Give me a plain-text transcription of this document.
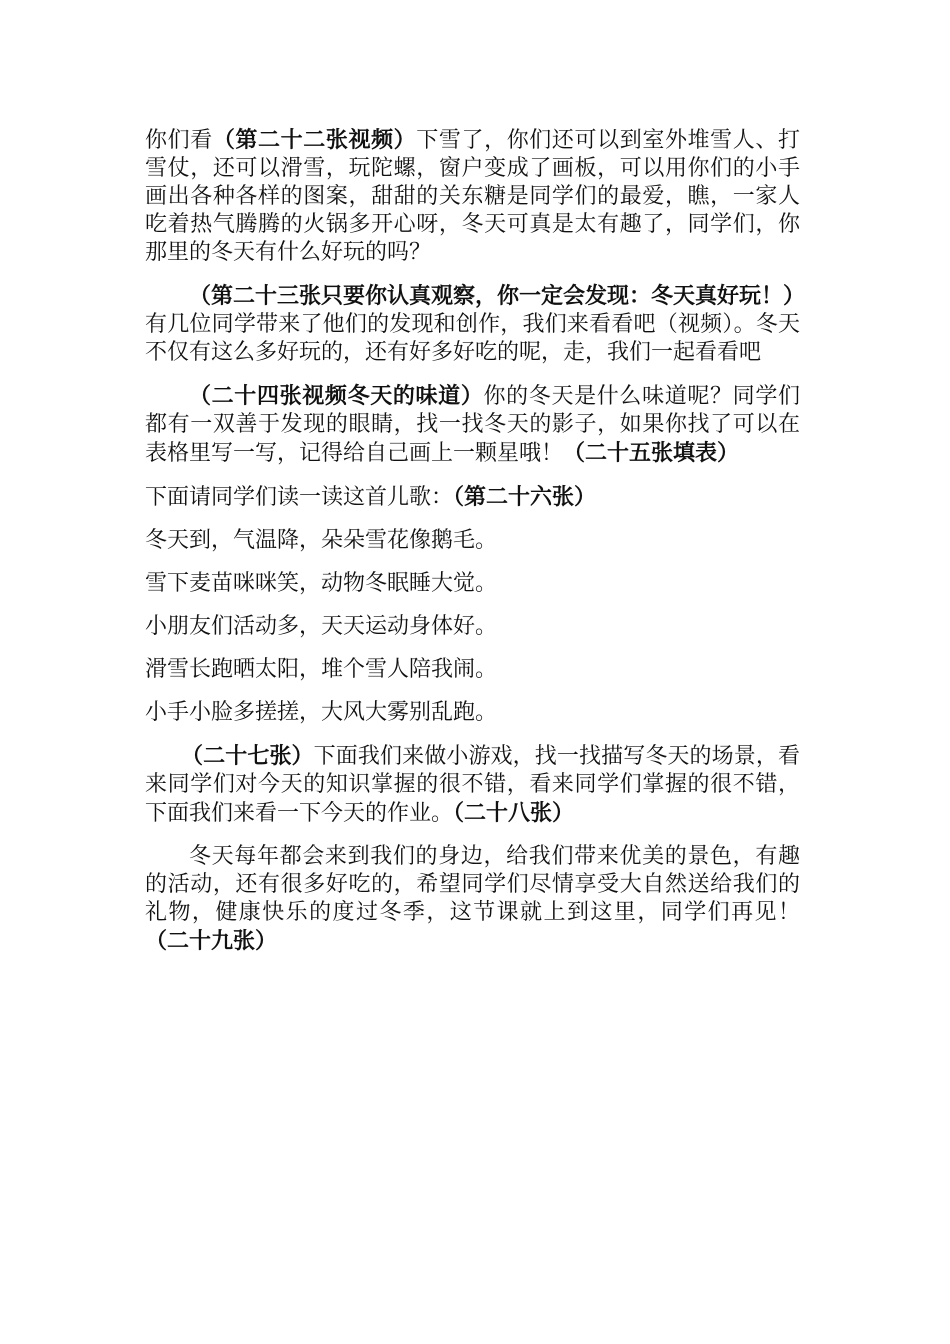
你们看（第二十二张视频）下雪了，你们还可以到室外堆雪人、打雪仗，还可以滑雪，玩陀螺，窗户变成了画板，可以用你们的小手画出各种各样的图案，甜甜的关东糖是同学们的最爱，瞧，一家人吃着热气腾腾的火锅多开心呀，冬天可真是太有趣了，同学们，你那里的冬天有什么好玩的吗？

（第二十三张只要你认真观察，你一定会发现：冬天真好玩！）有几位同学带来了他们的发现和创作，我们来看看吧（视频）。冬天不仅有这么多好玩的，还有好多好吃的呢，走，我们一起看看吧

（二十四张视频冬天的味道）你的冬天是什么味道呢？同学们都有一双善于发现的眼睛，找一找冬天的影子，如果你找了可以在表格里写一写，记得给自己画上一颗星哦！（二十五张填表）

下面请同学们读一读这首儿歌：（第二十六张）

冬天到，气温降，朵朵雪花像鹅毛。

雪下麦苗咪咪笑，动物冬眠睡大觉。

小朋友们活动多，天天运动身体好。

滑雪长跑晒太阳，堆个雪人陪我闹。

小手小脸多搓搓，大风大雾别乱跑。

（二十七张）下面我们来做小游戏，找一找描写冬天的场景，看来同学们对今天的知识掌握的很不错，看来同学们掌握的很不错，下面我们来看一下今天的作业。（二十八张）

冬天每年都会来到我们的身边，给我们带来优美的景色，有趣的活动，还有很多好吃的，希望同学们尽情享受大自然送给我们的礼物，健康快乐的度过冬季，这节课就上到这里，同学们再见！（二十九张）
